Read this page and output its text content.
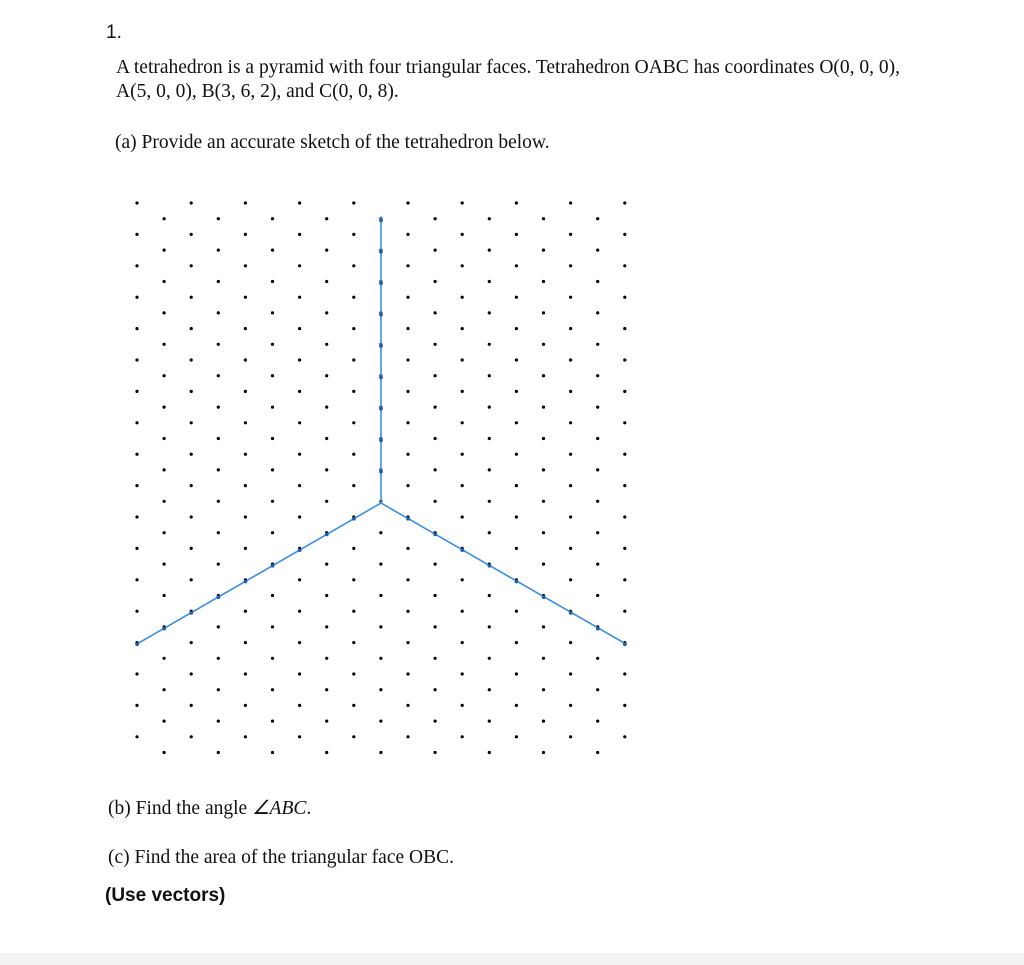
1.
A tetrahedron is a pyramid with four triangular faces. Tetrahedron OABC has coordinates O(0, 0, 0),
A(5, 0, 0), B(3, 6, 2), and C(0, 0, 8).
(a) Provide an accurate sketch of the tetrahedron below.
(b) Find the angle ∠ABC.
(c) Find the area of the triangular face OBC.
(Use vectors)
